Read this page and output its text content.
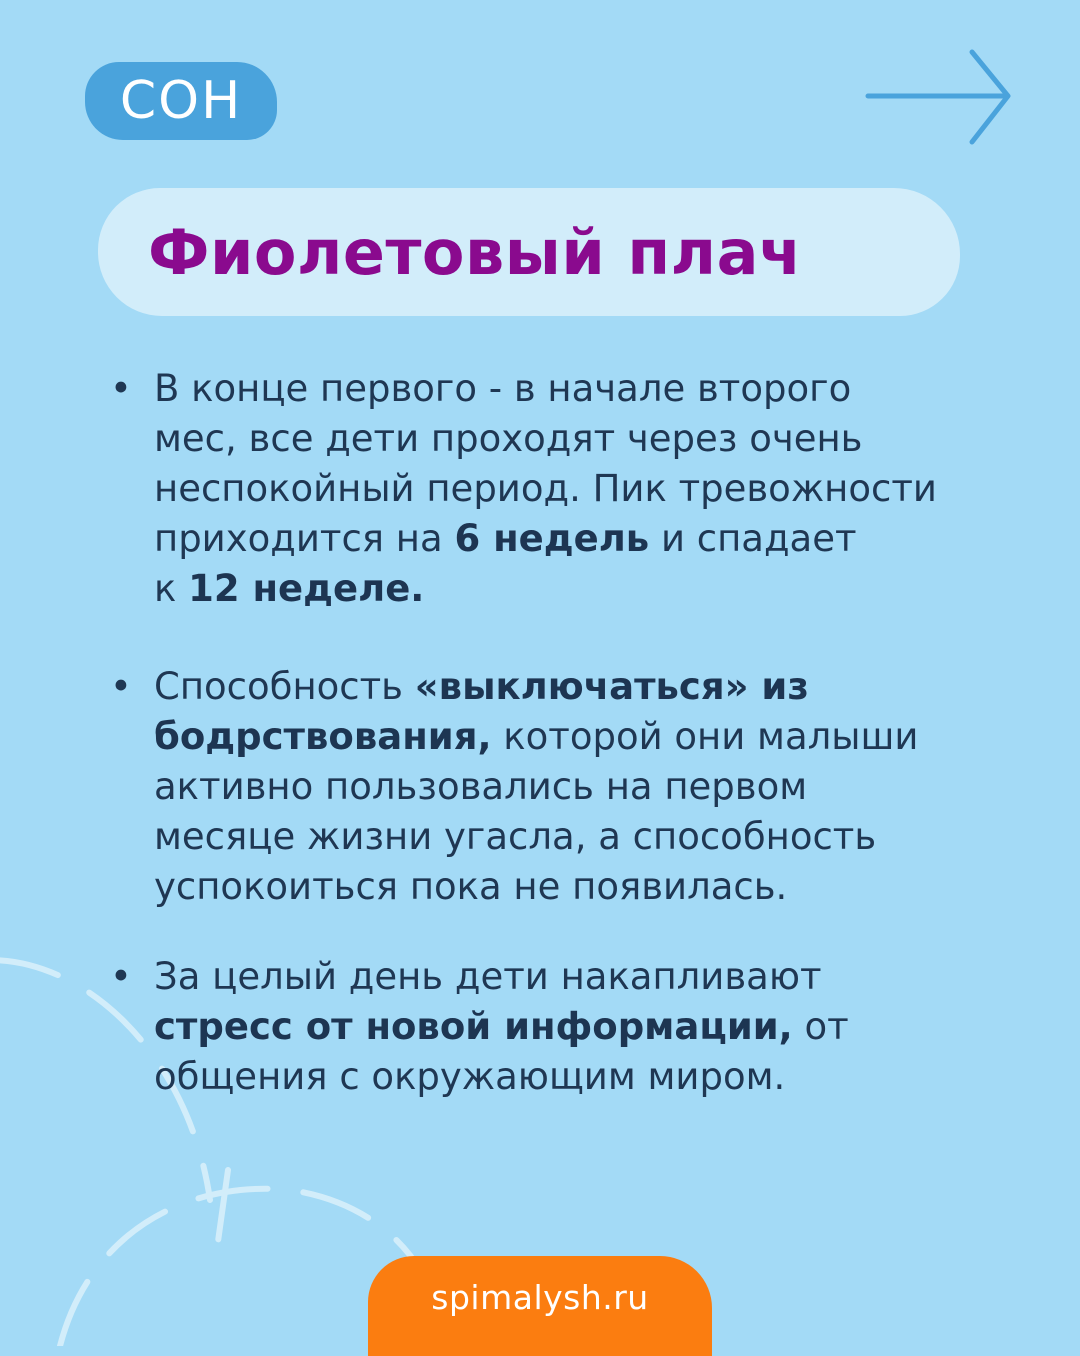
СОН
Фиолетовый плач
• В конце первого - в начале второго
мес, все дети проходят через очень
неспокойный период. Пик тревожности
приходится на 6 недель и спадает
к 12 неделе.
• Способность «выключаться» из
бодрствования, которой они малыши
активно пользовались на первом
месяце жизни угасла, а способность
успокоиться пока не появилась.
• За целый день дети накапливают
стресс от новой информации, от
общения с окружающим миром.
spimalysh.ru
